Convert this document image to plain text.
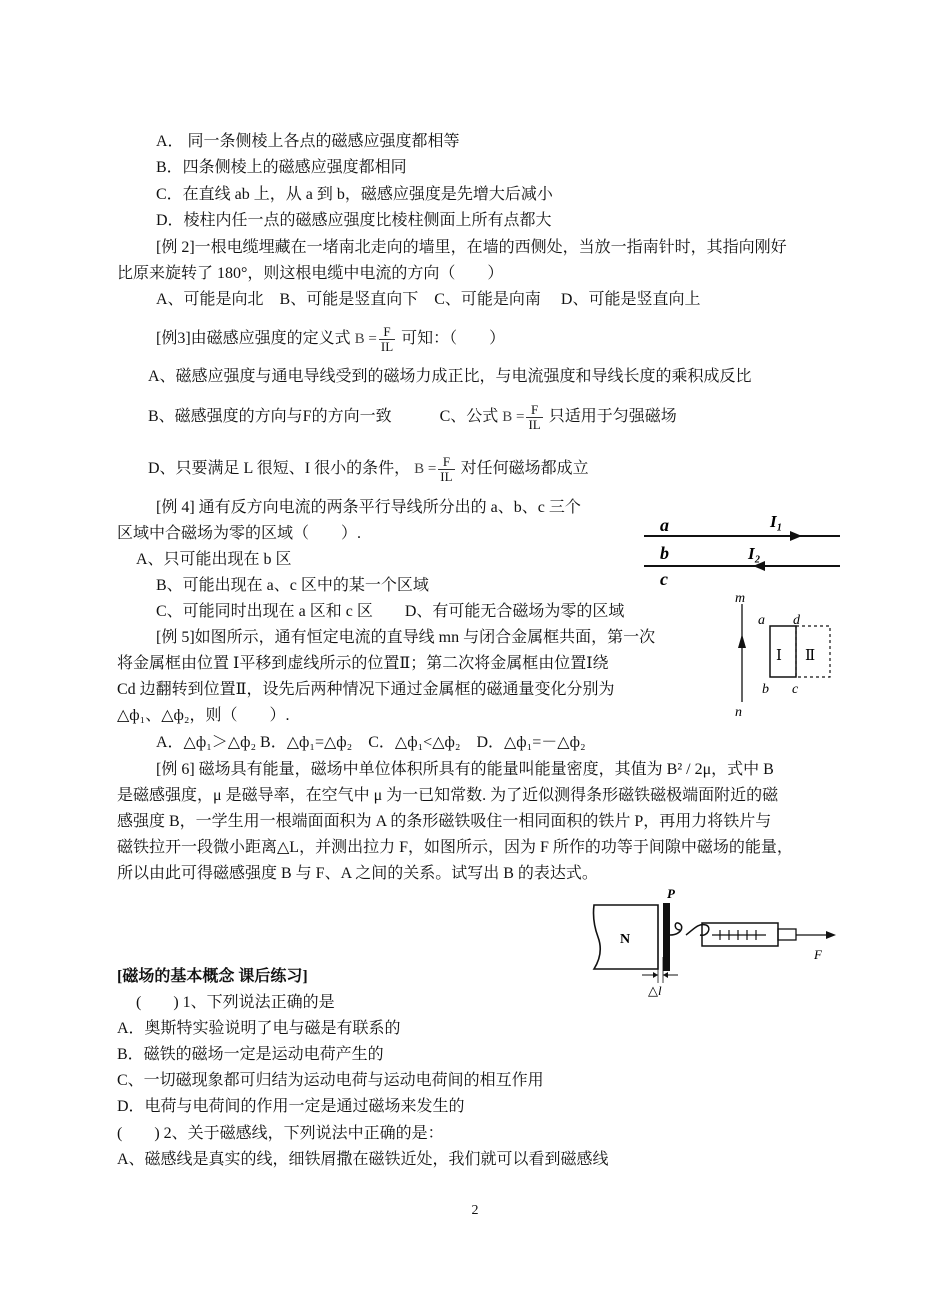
A． 同一条侧棱上各点的磁感应强度都相等
B．四条侧棱上的磁感应强度都相同
C．在直线 ab 上，从 a 到 b，磁感应强度是先增大后减小
D．棱柱内任一点的磁感应强度比棱柱侧面上所有点都大
[例 2]一根电缆埋藏在一堵南北走向的墙里，在墙的西侧处，当放一指南针时，其指向刚好
比原来旋转了 180°，则这根电缆中电流的方向（　　）
A、可能是向北　B、可能是竖直向下　C、可能是向南　 D、可能是竖直向上
[例3]由磁感应强度的定义式 $B = \frac{F}{IL}$ 可知：（　　）
A、磁感应强度与通电导线受到的磁场力成正比，与电流强度和导线长度的乘积成反比
B、磁感强度的方向与F的方向一致　　　C、公式 $B = \frac{F}{IL}$ 只适用于匀强磁场
D、只要满足 L 很短、I 很小的条件， $B = \frac{F}{IL}$ 对任何磁场都成立
[例 4] 通有反方向电流的两条平行导线所分出的 a、b、c 三个
区域中合磁场为零的区域（　　）.
A、只可能出现在 b 区
B、可能出现在 a、c 区中的某一个区域
C、可能同时出现在 a 区和 c 区　　D、有可能无合磁场为零的区域
[例 5]如图所示，通有恒定电流的直导线 mn 与闭合金属框共面，第一次
将金属框由位置 Ⅰ平移到虚线所示的位置Ⅱ；第二次将金属框由位置Ⅰ绕
Cd 边翻转到位置Ⅱ，设先后两种情况下通过金属框的磁通量变化分别为
△ф₁、△ф₂，则（　　）.
A．△ф₁＞△ф₂ B．△ф₁=△ф₂　C．△ф₁<△ф₂　D．△ф₁=－△ф₂
[例 6] 磁场具有能量，磁场中单位体积所具有的能量叫能量密度，其值为 B² / 2μ，式中 B
是磁感强度，μ 是磁导率，在空气中 μ 为一已知常数. 为了近似测得条形磁铁磁极端面附近的磁
感强度 B，一学生用一根端面面积为 A 的条形磁铁吸住一相同面积的铁片 P，再用力将铁片与
磁铁拉开一段微小距离△L，并测出拉力 F，如图所示，因为 F 所作的功等于间隙中磁场的能量，
所以由此可得磁感强度 B 与 F、A 之间的关系。试写出 B 的表达式。
[磁场的基本概念 课后练习]
(　　) 1、下列说法正确的是
A．奥斯特实验说明了电与磁是有联系的
B．磁铁的磁场一定是运动电荷产生的
C、一切磁现象都可归结为运动电荷与运动电荷间的相互作用
D．电荷与电荷间的作用一定是通过磁场来发生的
(　　) 2、关于磁感线，下列说法中正确的是：
A、磁感线是真实的线，细铁屑撒在磁铁近处，我们就可以看到磁感线
a
b
c
I₁
I₂
m
n
a d
b c
Ⅰ Ⅱ
N
P
F
△l
2
